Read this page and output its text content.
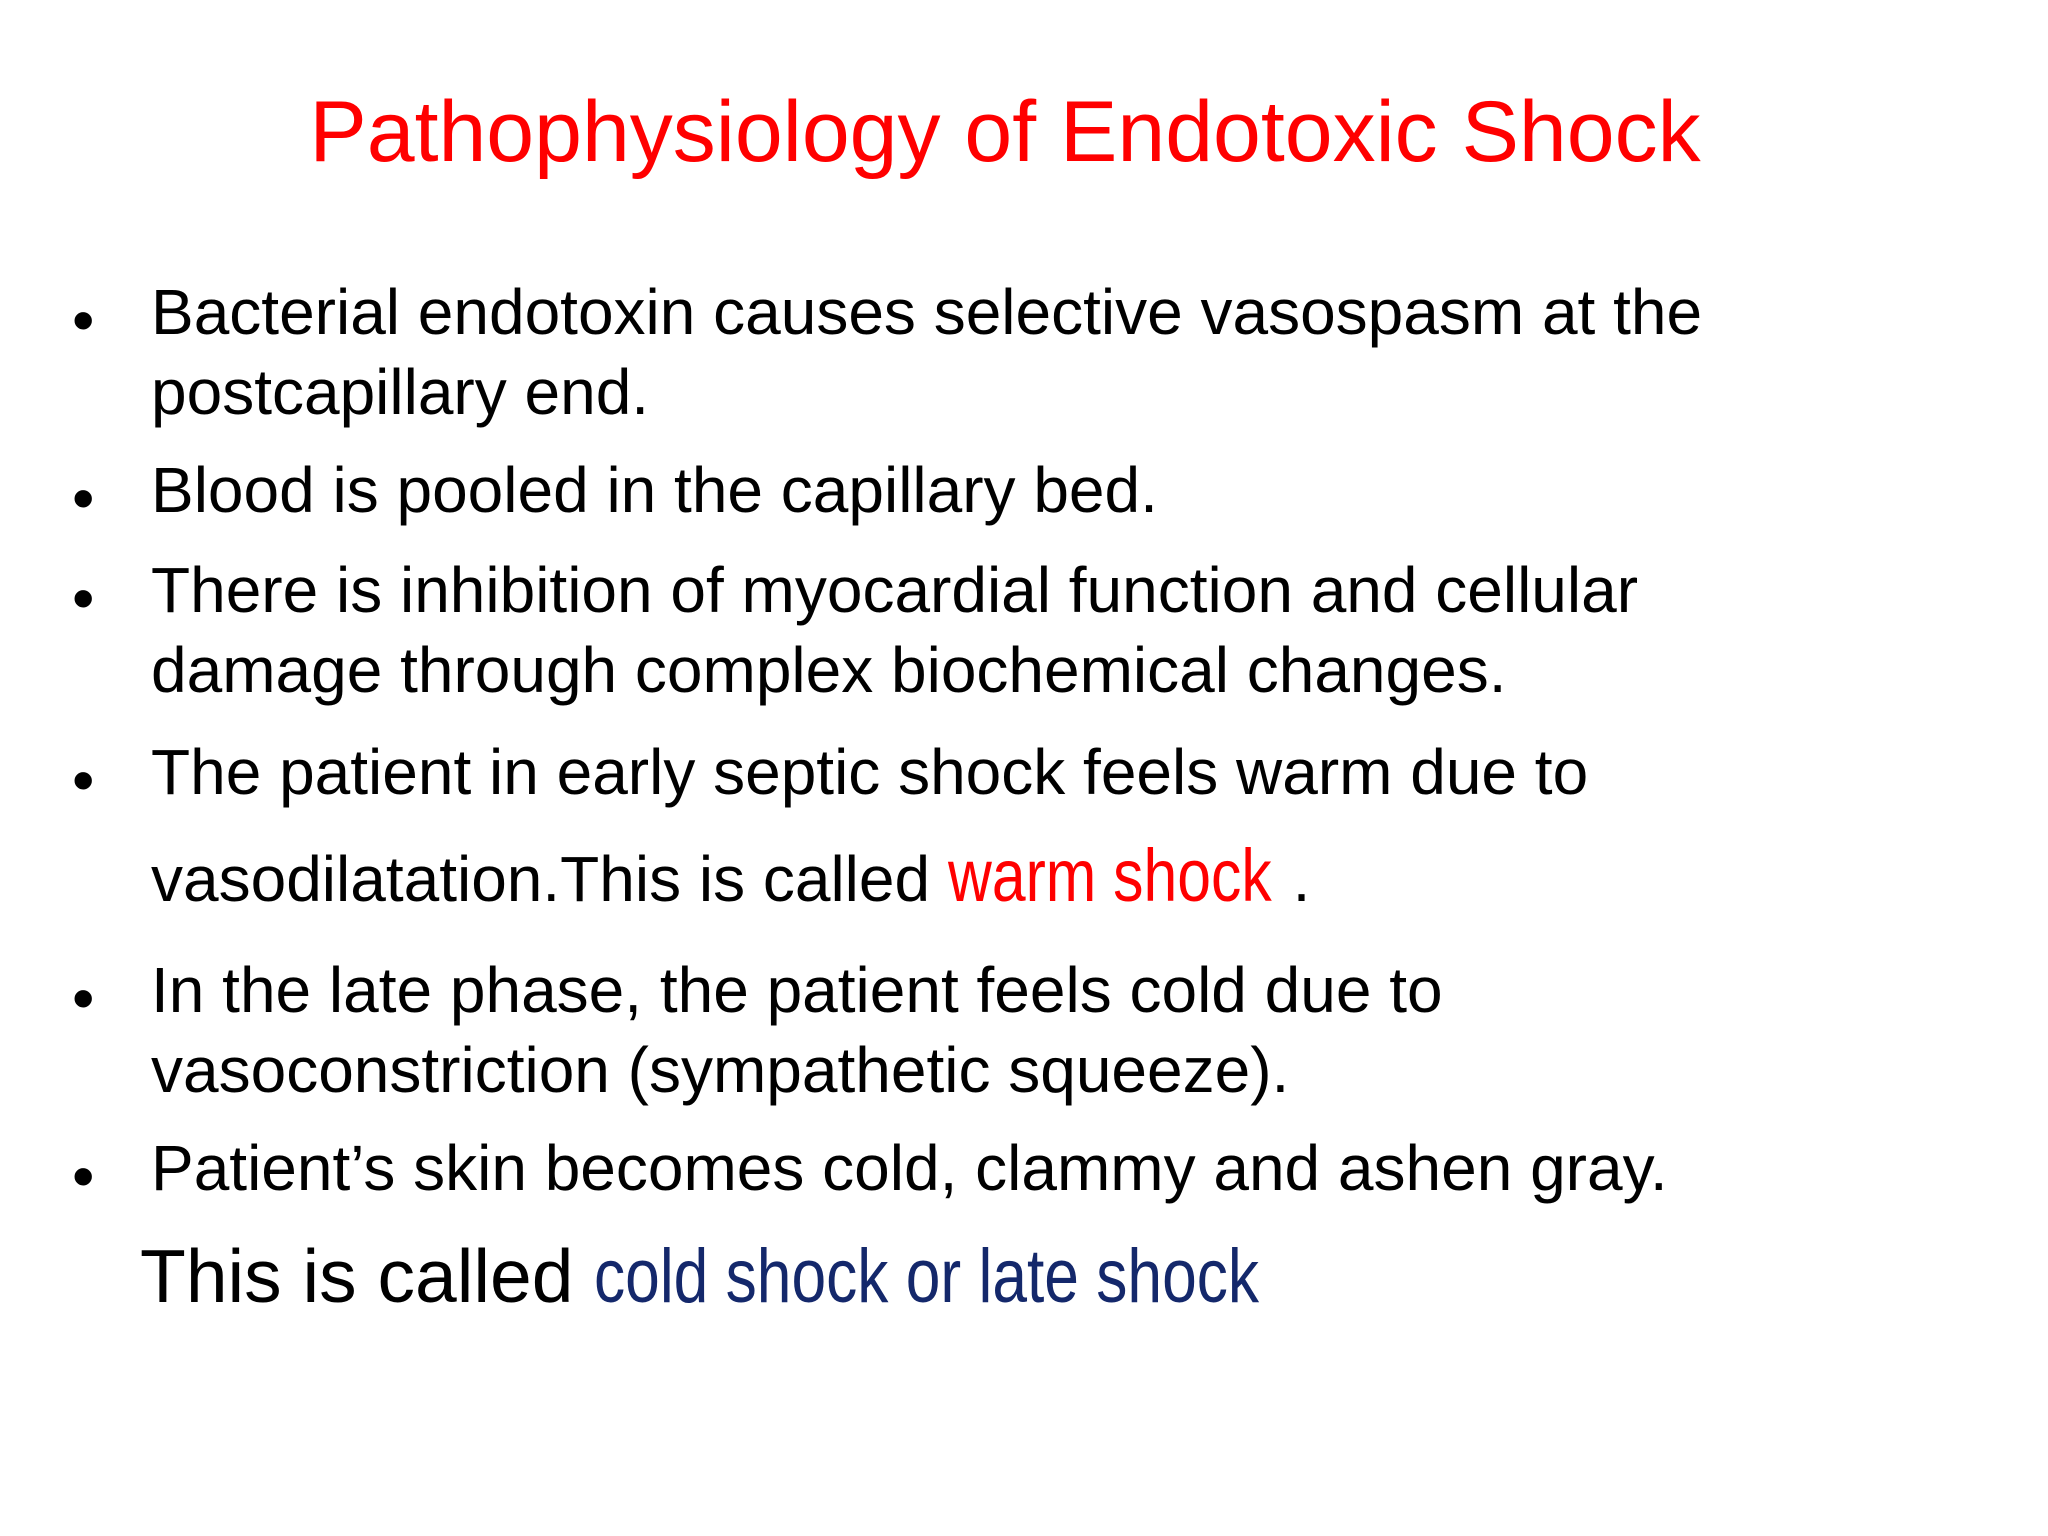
Pathophysiology of Endotoxic Shock
• Bacterial endotoxin causes selective vasospasm at the
postcapillary end.
• Blood is pooled in the capillary bed.
• There is inhibition of myocardial function and cellular
damage through complex biochemical changes.
• The patient in early septic shock feels warm due to
vasodilatation.This is called warm shock .
• In the late phase, the patient feels cold due to
vasoconstriction (sympathetic squeeze).
• Patient’s skin becomes cold, clammy and ashen gray.
This is called cold shock or late shock
